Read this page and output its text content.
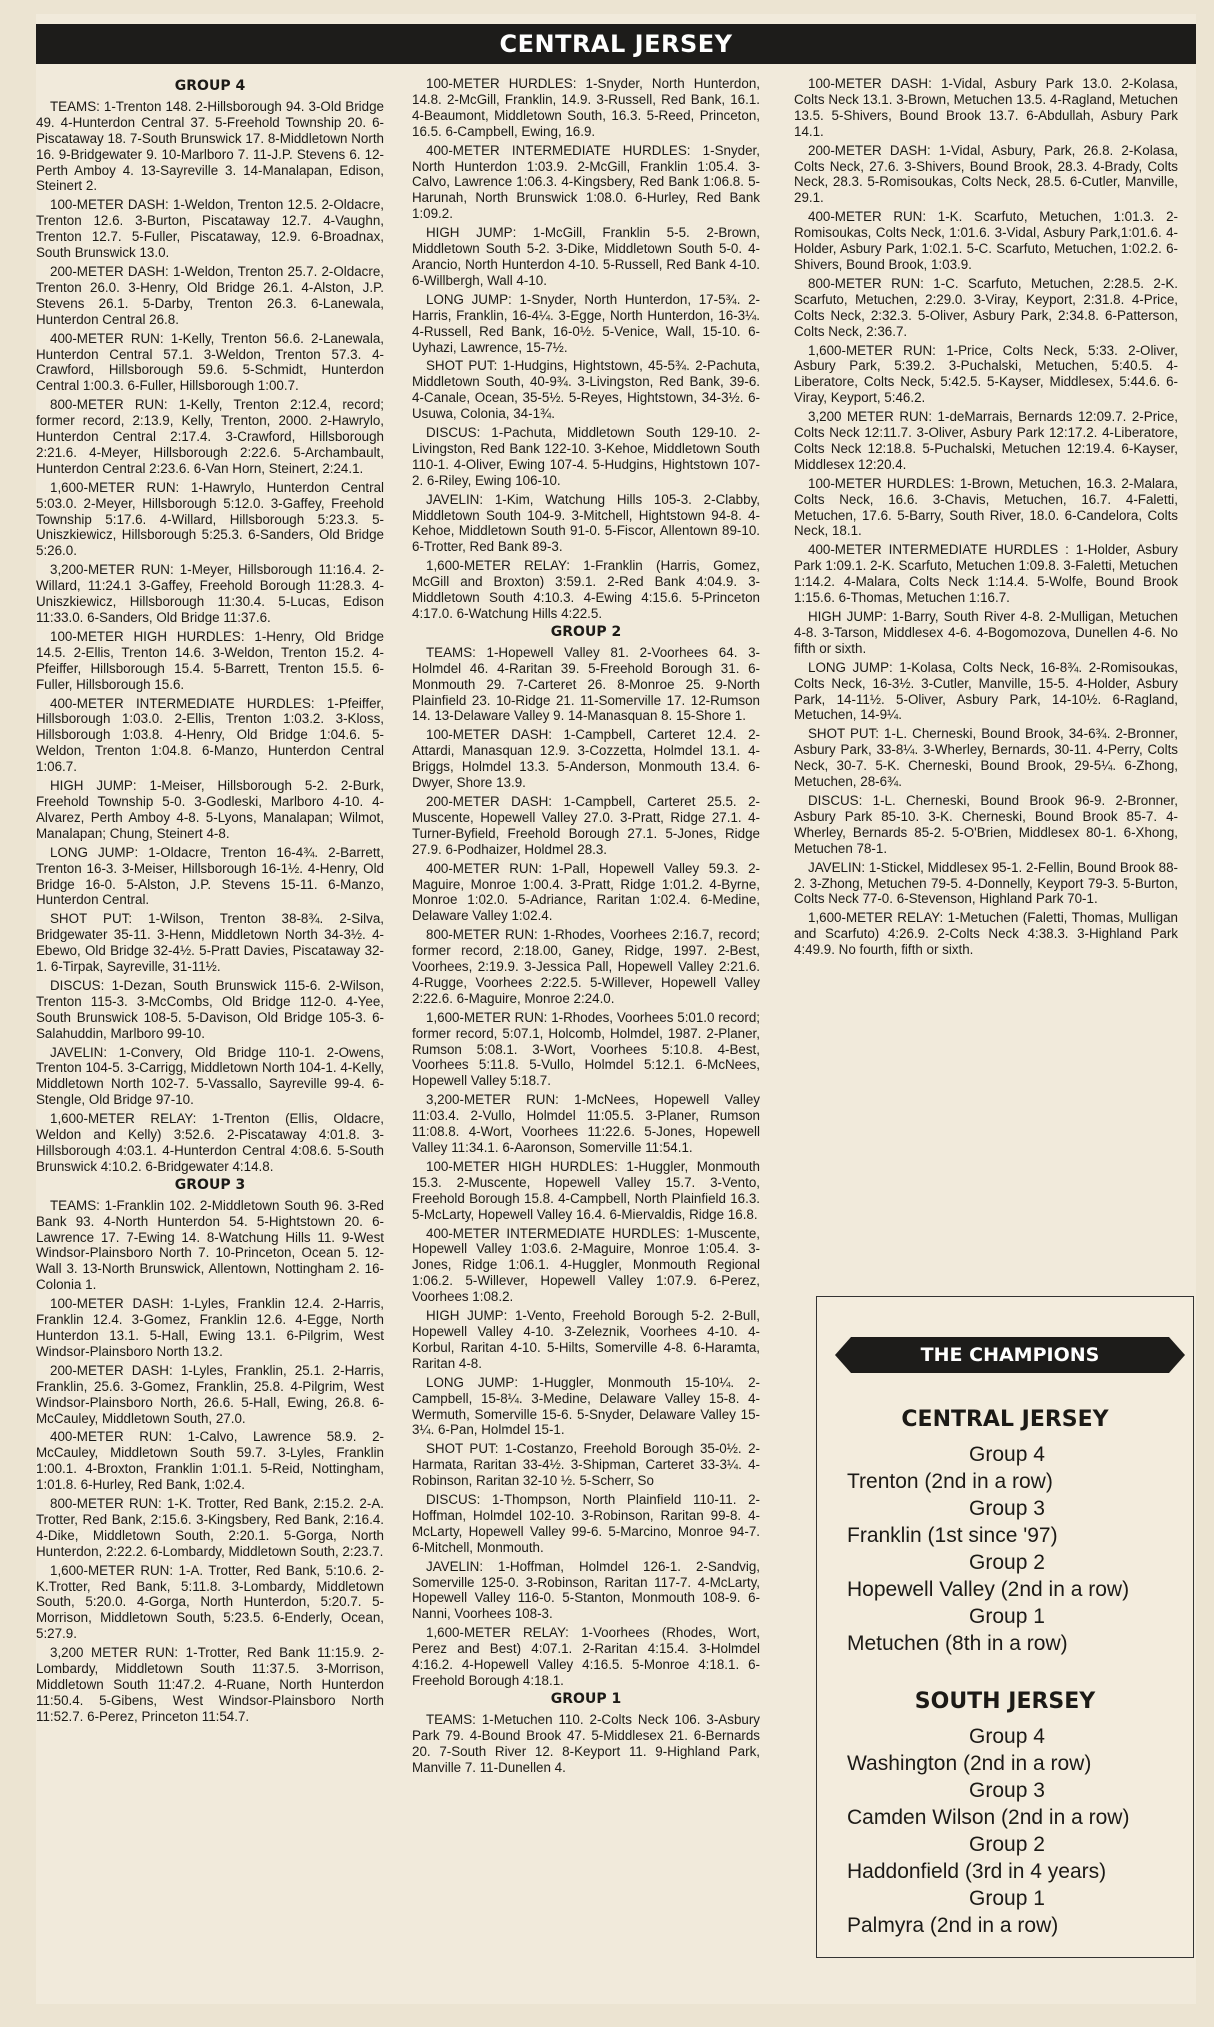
CENTRAL JERSEY
GROUP 4
TEAMS: 1-Trenton 148. 2-Hillsborough 94. 3-Old Bridge 49. 4-Hunterdon Central 37. 5-Freehold Township 20. 6-Piscataway 18. 7-South Brunswick 17. 8-Middletown North 16. 9-Bridgewater 9. 10-Marlboro 7. 11-J.P. Stevens 6. 12-Perth Amboy 4. 13-Sayreville 3. 14-Manalapan, Edison, Steinert 2.
100-METER DASH: 1-Weldon, Trenton 12.5. 2-Oldacre, Trenton 12.6. 3-Burton, Piscataway 12.7. 4-Vaughn, Trenton 12.7. 5-Fuller, Piscataway, 12.9. 6-Broadnax, South Brunswick 13.0.
200-METER DASH: 1-Weldon, Trenton 25.7. 2-Oldacre, Trenton 26.0. 3-Henry, Old Bridge 26.1. 4-Alston, J.P. Stevens 26.1. 5-Darby, Trenton 26.3. 6-Lanewala, Hunterdon Central 26.8.
400-METER RUN: 1-Kelly, Trenton 56.6. 2-Lanewala, Hunterdon Central 57.1. 3-Weldon, Trenton 57.3. 4-Crawford, Hillsborough 59.6. 5-Schmidt, Hunterdon Central 1:00.3. 6-Fuller, Hillsborough 1:00.7.
800-METER RUN: 1-Kelly, Trenton 2:12.4, record; former record, 2:13.9, Kelly, Trenton, 2000. 2-Hawrylo, Hunterdon Central 2:17.4. 3-Crawford, Hillsborough 2:21.6. 4-Meyer, Hillsborough 2:22.6. 5-Archambault, Hunterdon Central 2:23.6. 6-Van Horn, Steinert, 2:24.1.
1,600-METER RUN: 1-Hawrylo, Hunterdon Central 5:03.0. 2-Meyer, Hillsborough 5:12.0. 3-Gaffey, Freehold Township 5:17.6. 4-Willard, Hillsborough 5:23.3. 5-Uniszkiewicz, Hillsborough 5:25.3. 6-Sanders, Old Bridge 5:26.0.
3,200-METER RUN: 1-Meyer, Hillsborough 11:16.4. 2-Willard, 11:24.1 3-Gaffey, Freehold Borough 11:28.3. 4-Uniszkiewicz, Hillsborough 11:30.4. 5-Lucas, Edison 11:33.0. 6-Sanders, Old Bridge 11:37.6.
100-METER HIGH HURDLES: 1-Henry, Old Bridge 14.5. 2-Ellis, Trenton 14.6. 3-Weldon, Trenton 15.2. 4-Pfeiffer, Hillsborough 15.4. 5-Barrett, Trenton 15.5. 6-Fuller, Hillsborough 15.6.
400-METER INTERMEDIATE HURDLES: 1-Pfeiffer, Hillsborough 1:03.0. 2-Ellis, Trenton 1:03.2. 3-Kloss, Hillsborough 1:03.8. 4-Henry, Old Bridge 1:04.6. 5-Weldon, Trenton 1:04.8. 6-Manzo, Hunterdon Central 1:06.7.
HIGH JUMP: 1-Meiser, Hillsborough 5-2. 2-Burk, Freehold Township 5-0. 3-Godleski, Marlboro 4-10. 4-Alvarez, Perth Amboy 4-8. 5-Lyons, Manalapan; Wilmot, Manalapan; Chung, Steinert 4-8.
LONG JUMP: 1-Oldacre, Trenton 16-4¾. 2-Barrett, Trenton 16-3. 3-Meiser, Hillsborough 16-1½. 4-Henry, Old Bridge 16-0. 5-Alston, J.P. Stevens 15-11. 6-Manzo, Hunterdon Central.
SHOT PUT: 1-Wilson, Trenton 38-8¾. 2-Silva, Bridgewater 35-11. 3-Henn, Middletown North 34-3½. 4-Ebewo, Old Bridge 32-4½. 5-Pratt Davies, Piscataway 32-1. 6-Tirpak, Sayreville, 31-11½.
DISCUS: 1-Dezan, South Brunswick 115-6. 2-Wilson, Trenton 115-3. 3-McCombs, Old Bridge 112-0. 4-Yee, South Brunswick 108-5. 5-Davison, Old Bridge 105-3. 6-Salahuddin, Marlboro 99-10.
JAVELIN: 1-Convery, Old Bridge 110-1. 2-Owens, Trenton 104-5. 3-Carrigg, Middletown North 104-1. 4-Kelly, Middletown North 102-7. 5-Vassallo, Sayreville 99-4. 6-Stengle, Old Bridge 97-10.
1,600-METER RELAY: 1-Trenton (Ellis, Oldacre, Weldon and Kelly) 3:52.6. 2-Piscataway 4:01.8. 3-Hillsborough 4:03.1. 4-Hunterdon Central 4:08.6. 5-South Brunswick 4:10.2. 6-Bridgewater 4:14.8.
GROUP 3
TEAMS: 1-Franklin 102. 2-Middletown South 96. 3-Red Bank 93. 4-North Hunterdon 54. 5-Hightstown 20. 6-Lawrence 17. 7-Ewing 14. 8-Watchung Hills 11. 9-West Windsor-Plainsboro North 7. 10-Princeton, Ocean 5. 12-Wall 3. 13-North Brunswick, Allentown, Nottingham 2. 16-Colonia 1.
100-METER DASH: 1-Lyles, Franklin 12.4. 2-Harris, Franklin 12.4. 3-Gomez, Franklin 12.6. 4-Egge, North Hunterdon 13.1. 5-Hall, Ewing 13.1. 6-Pilgrim, West Windsor-Plainsboro North 13.2.
200-METER DASH: 1-Lyles, Franklin, 25.1. 2-Harris, Franklin, 25.6. 3-Gomez, Franklin, 25.8. 4-Pilgrim, West Windsor-Plainsboro North, 26.6. 5-Hall, Ewing, 26.8. 6-McCauley, Middletown South, 27.0.
400-METER RUN: 1-Calvo, Lawrence 58.9. 2-McCauley, Middletown South 59.7. 3-Lyles, Franklin 1:00.1. 4-Broxton, Franklin 1:01.1. 5-Reid, Nottingham, 1:01.8. 6-Hurley, Red Bank, 1:02.4.
800-METER RUN: 1-K. Trotter, Red Bank, 2:15.2. 2-A. Trotter, Red Bank, 2:15.6. 3-Kingsbery, Red Bank, 2:16.4. 4-Dike, Middletown South, 2:20.1. 5-Gorga, North Hunterdon, 2:22.2. 6-Lombardy, Middletown South, 2:23.7.
1,600-METER RUN: 1-A. Trotter, Red Bank, 5:10.6. 2-K.Trotter, Red Bank, 5:11.8. 3-Lombardy, Middletown South, 5:20.0. 4-Gorga, North Hunterdon, 5:20.7. 5-Morrison, Middletown South, 5:23.5. 6-Enderly, Ocean, 5:27.9.
3,200 METER RUN: 1-Trotter, Red Bank 11:15.9. 2-Lombardy, Middletown South 11:37.5. 3-Morrison, Middletown South 11:47.2. 4-Ruane, North Hunterdon 11:50.4. 5-Gibens, West Windsor-Plainsboro North 11:52.7. 6-Perez, Princeton 11:54.7.
100-METER HURDLES: 1-Snyder, North Hunterdon, 14.8. 2-McGill, Franklin, 14.9. 3-Russell, Red Bank, 16.1. 4-Beaumont, Middletown South, 16.3. 5-Reed, Princeton, 16.5. 6-Campbell, Ewing, 16.9.
400-METER INTERMEDIATE HURDLES: 1-Snyder, North Hunterdon 1:03.9. 2-McGill, Franklin 1:05.4. 3-Calvo, Lawrence 1:06.3. 4-Kingsbery, Red Bank 1:06.8. 5-Harunah, North Brunswick 1:08.0. 6-Hurley, Red Bank 1:09.2.
HIGH JUMP: 1-McGill, Franklin 5-5. 2-Brown, Middletown South 5-2. 3-Dike, Middletown South 5-0. 4-Arancio, North Hunterdon 4-10. 5-Russell, Red Bank 4-10. 6-Willbergh, Wall 4-10.
LONG JUMP: 1-Snyder, North Hunterdon, 17-5¾. 2-Harris, Franklin, 16-4¼. 3-Egge, North Hunterdon, 16-3¼. 4-Russell, Red Bank, 16-0½. 5-Venice, Wall, 15-10. 6-Uyhazi, Lawrence, 15-7½.
SHOT PUT: 1-Hudgins, Hightstown, 45-5¾. 2-Pachuta, Middletown South, 40-9¾. 3-Livingston, Red Bank, 39-6. 4-Canale, Ocean, 35-5½. 5-Reyes, Hightstown, 34-3½. 6-Usuwa, Colonia, 34-1¾.
DISCUS: 1-Pachuta, Middletown South 129-10. 2-Livingston, Red Bank 122-10. 3-Kehoe, Middletown South 110-1. 4-Oliver, Ewing 107-4. 5-Hudgins, Hightstown 107-2. 6-Riley, Ewing 106-10.
JAVELIN: 1-Kim, Watchung Hills 105-3. 2-Clabby, Middletown South 104-9. 3-Mitchell, Hightstown 94-8. 4-Kehoe, Middletown South 91-0. 5-Fiscor, Allentown 89-10. 6-Trotter, Red Bank 89-3.
1,600-METER RELAY: 1-Franklin (Harris, Gomez, McGill and Broxton) 3:59.1. 2-Red Bank 4:04.9. 3-Middletown South 4:10.3. 4-Ewing 4:15.6. 5-Princeton 4:17.0. 6-Watchung Hills 4:22.5.
GROUP 2
TEAMS: 1-Hopewell Valley 81. 2-Voorhees 64. 3-Holmdel 46. 4-Raritan 39. 5-Freehold Borough 31. 6-Monmouth 29. 7-Carteret 26. 8-Monroe 25. 9-North Plainfield 23. 10-Ridge 21. 11-Somerville 17. 12-Rumson 14. 13-Delaware Valley 9. 14-Manasquan 8. 15-Shore 1.
100-METER DASH: 1-Campbell, Carteret 12.4. 2-Attardi, Manasquan 12.9. 3-Cozzetta, Holmdel 13.1. 4-Briggs, Holmdel 13.3. 5-Anderson, Monmouth 13.4. 6-Dwyer, Shore 13.9.
200-METER DASH: 1-Campbell, Carteret 25.5. 2-Muscente, Hopewell Valley 27.0. 3-Pratt, Ridge 27.1. 4-Turner-Byfield, Freehold Borough 27.1. 5-Jones, Ridge 27.9. 6-Podhaizer, Holdmel 28.3.
400-METER RUN: 1-Pall, Hopewell Valley 59.3. 2-Maguire, Monroe 1:00.4. 3-Pratt, Ridge 1:01.2. 4-Byrne, Monroe 1:02.0. 5-Adriance, Raritan 1:02.4. 6-Medine, Delaware Valley 1:02.4.
800-METER RUN: 1-Rhodes, Voorhees 2:16.7, record; former record, 2:18.00, Ganey, Ridge, 1997. 2-Best, Voorhees, 2:19.9. 3-Jessica Pall, Hopewell Valley 2:21.6. 4-Rugge, Voorhees 2:22.5. 5-Willever, Hopewell Valley 2:22.6. 6-Maguire, Monroe 2:24.0.
1,600-METER RUN: 1-Rhodes, Voorhees 5:01.0 record; former record, 5:07.1, Holcomb, Holmdel, 1987. 2-Planer, Rumson 5:08.1. 3-Wort, Voorhees 5:10.8. 4-Best, Voorhees 5:11.8. 5-Vullo, Holmdel 5:12.1. 6-McNees, Hopewell Valley 5:18.7.
3,200-METER RUN: 1-McNees, Hopewell Valley 11:03.4. 2-Vullo, Holmdel 11:05.5. 3-Planer, Rumson 11:08.8. 4-Wort, Voorhees 11:22.6. 5-Jones, Hopewell Valley 11:34.1. 6-Aaronson, Somerville 11:54.1.
100-METER HIGH HURDLES: 1-Huggler, Monmouth 15.3. 2-Muscente, Hopewell Valley 15.7. 3-Vento, Freehold Borough 15.8. 4-Campbell, North Plainfield 16.3. 5-McLarty, Hopewell Valley 16.4. 6-Miervaldis, Ridge 16.8.
400-METER INTERMEDIATE HURDLES: 1-Muscente, Hopewell Valley 1:03.6. 2-Maguire, Monroe 1:05.4. 3-Jones, Ridge 1:06.1. 4-Huggler, Monmouth Regional 1:06.2. 5-Willever, Hopewell Valley 1:07.9. 6-Perez, Voorhees 1:08.2.
HIGH JUMP: 1-Vento, Freehold Borough 5-2. 2-Bull, Hopewell Valley 4-10. 3-Zeleznik, Voorhees 4-10. 4-Korbul, Raritan 4-10. 5-Hilts, Somerville 4-8. 6-Haramta, Raritan 4-8.
LONG JUMP: 1-Huggler, Monmouth 15-10¼. 2-Campbell, 15-8¼. 3-Medine, Delaware Valley 15-8. 4-Wermuth, Somerville 15-6. 5-Snyder, Delaware Valley 15-3¼. 6-Pan, Holmdel 15-1.
SHOT PUT: 1-Costanzo, Freehold Borough 35-0½. 2-Harmata, Raritan 33-4½. 3-Shipman, Carteret 33-3¼. 4-Robinson, Raritan 32-10 ½. 5-Scherr, So
DISCUS: 1-Thompson, North Plainfield 110-11. 2-Hoffman, Holmdel 102-10. 3-Robinson, Raritan 99-8. 4-McLarty, Hopewell Valley 99-6. 5-Marcino, Monroe 94-7. 6-Mitchell, Monmouth.
JAVELIN: 1-Hoffman, Holmdel 126-1. 2-Sandvig, Somerville 125-0. 3-Robinson, Raritan 117-7. 4-McLarty, Hopewell Valley 116-0. 5-Stanton, Monmouth 108-9. 6-Nanni, Voorhees 108-3.
1,600-METER RELAY: 1-Voorhees (Rhodes, Wort, Perez and Best) 4:07.1. 2-Raritan 4:15.4. 3-Holmdel 4:16.2. 4-Hopewell Valley 4:16.5. 5-Monroe 4:18.1. 6-Freehold Borough 4:18.1.
GROUP 1
TEAMS: 1-Metuchen 110. 2-Colts Neck 106. 3-Asbury Park 79. 4-Bound Brook 47. 5-Middlesex 21. 6-Bernards 20. 7-South River 12. 8-Keyport 11. 9-Highland Park, Manville 7. 11-Dunellen 4.
100-METER DASH: 1-Vidal, Asbury Park 13.0. 2-Kolasa, Colts Neck 13.1. 3-Brown, Metuchen 13.5. 4-Ragland, Metuchen 13.5. 5-Shivers, Bound Brook 13.7. 6-Abdullah, Asbury Park 14.1.
200-METER DASH: 1-Vidal, Asbury, Park, 26.8. 2-Kolasa, Colts Neck, 27.6. 3-Shivers, Bound Brook, 28.3. 4-Brady, Colts Neck, 28.3. 5-Romisoukas, Colts Neck, 28.5. 6-Cutler, Manville, 29.1.
400-METER RUN: 1-K. Scarfuto, Metuchen, 1:01.3. 2-Romisoukas, Colts Neck, 1:01.6. 3-Vidal, Asbury Park,1:01.6. 4-Holder, Asbury Park, 1:02.1. 5-C. Scarfuto, Metuchen, 1:02.2. 6-Shivers, Bound Brook, 1:03.9.
800-METER RUN: 1-C. Scarfuto, Metuchen, 2:28.5. 2-K. Scarfuto, Metuchen, 2:29.0. 3-Viray, Keyport, 2:31.8. 4-Price, Colts Neck, 2:32.3. 5-Oliver, Asbury Park, 2:34.8. 6-Patterson, Colts Neck, 2:36.7.
1,600-METER RUN: 1-Price, Colts Neck, 5:33. 2-Oliver, Asbury Park, 5:39.2. 3-Puchalski, Metuchen, 5:40.5. 4-Liberatore, Colts Neck, 5:42.5. 5-Kayser, Middlesex, 5:44.6. 6-Viray, Keyport, 5:46.2.
3,200 METER RUN: 1-deMarrais, Bernards 12:09.7. 2-Price, Colts Neck 12:11.7. 3-Oliver, Asbury Park 12:17.2. 4-Liberatore, Colts Neck 12:18.8. 5-Puchalski, Metuchen 12:19.4. 6-Kayser, Middlesex 12:20.4.
100-METER HURDLES: 1-Brown, Metuchen, 16.3. 2-Malara, Colts Neck, 16.6. 3-Chavis, Metuchen, 16.7. 4-Faletti, Metuchen, 17.6. 5-Barry, South River, 18.0. 6-Candelora, Colts Neck, 18.1.
400-METER INTERMEDIATE HURDLES : 1-Holder, Asbury Park 1:09.1. 2-K. Scarfuto, Metuchen 1:09.8. 3-Faletti, Metuchen 1:14.2. 4-Malara, Colts Neck 1:14.4. 5-Wolfe, Bound Brook 1:15.6. 6-Thomas, Metuchen 1:16.7.
HIGH JUMP: 1-Barry, South River 4-8. 2-Mulligan, Metuchen 4-8. 3-Tarson, Middlesex 4-6. 4-Bogomozova, Dunellen 4-6. No fifth or sixth.
LONG JUMP: 1-Kolasa, Colts Neck, 16-8¾. 2-Romisoukas, Colts Neck, 16-3½. 3-Cutler, Manville, 15-5. 4-Holder, Asbury Park, 14-11½. 5-Oliver, Asbury Park, 14-10½. 6-Ragland, Metuchen, 14-9¼.
SHOT PUT: 1-L. Cherneski, Bound Brook, 34-6¾. 2-Bronner, Asbury Park, 33-8¼. 3-Wherley, Bernards, 30-11. 4-Perry, Colts Neck, 30-7. 5-K. Cherneski, Bound Brook, 29-5¼. 6-Zhong, Metuchen, 28-6¾.
DISCUS: 1-L. Cherneski, Bound Brook 96-9. 2-Bronner, Asbury Park 85-10. 3-K. Cherneski, Bound Brook 85-7. 4-Wherley, Bernards 85-2. 5-O'Brien, Middlesex 80-1. 6-Xhong, Metuchen 78-1.
JAVELIN: 1-Stickel, Middlesex 95-1. 2-Fellin, Bound Brook 88-2. 3-Zhong, Metuchen 79-5. 4-Donnelly, Keyport 79-3. 5-Burton, Colts Neck 77-0. 6-Stevenson, Highland Park 70-1.
1,600-METER RELAY: 1-Metuchen (Faletti, Thomas, Mulligan and Scarfuto) 4:26.9. 2-Colts Neck 4:38.3. 3-Highland Park 4:49.9. No fourth, fifth or sixth.
THE CHAMPIONS
CENTRAL JERSEY
Group 4
Trenton (2nd in a row)
Group 3
Franklin (1st since '97)
Group 2
Hopewell Valley (2nd in a row)
Group 1
Metuchen (8th in a row)
SOUTH JERSEY
Group 4
Washington (2nd in a row)
Group 3
Camden Wilson (2nd in a row)
Group 2
Haddonfield (3rd in 4 years)
Group 1
Palmyra (2nd in a row)
